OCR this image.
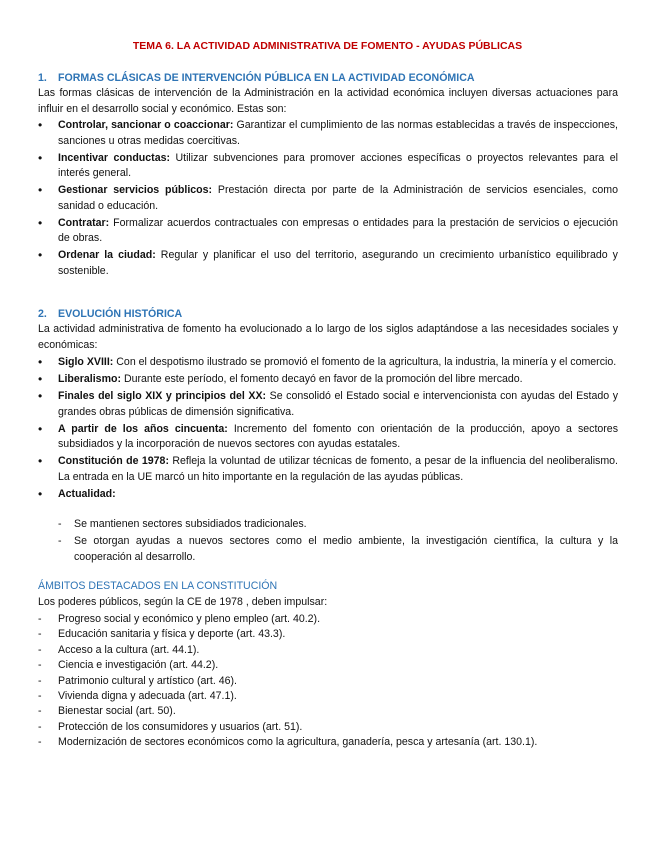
TEMA 6. LA ACTIVIDAD ADMINISTRATIVA DE FOMENTO - AYUDAS PÚBLICAS
1. FORMAS CLÁSICAS DE INTERVENCIÓN PÚBLICA EN LA ACTIVIDAD ECONÓMICA

Las formas clásicas de intervención de la Administración en la actividad económica incluyen diversas actuaciones para influir en el desarrollo social y económico. Estas son:

• Controlar, sancionar o coaccionar: Garantizar el cumplimiento de las normas establecidas a través de inspecciones, sanciones u otras medidas coercitivas.
• Incentivar conductas: Utilizar subvenciones para promover acciones específicas o proyectos relevantes para el interés general.
• Gestionar servicios públicos: Prestación directa por parte de la Administración de servicios esenciales, como sanidad o educación.
• Contratar: Formalizar acuerdos contractuales con empresas o entidades para la prestación de servicios o ejecución de obras.
• Ordenar la ciudad: Regular y planificar el uso del territorio, asegurando un crecimiento urbanístico equilibrado y sostenible.
2. EVOLUCIÓN HISTÓRICA

La actividad administrativa de fomento ha evolucionado a lo largo de los siglos adaptándose a las necesidades sociales y económicas:

• Siglo XVIII: Con el despotismo ilustrado se promovió el fomento de la agricultura, la industria, la minería y el comercio.
• Liberalismo: Durante este período, el fomento decayó en favor de la promoción del libre mercado.
• Finales del siglo XIX y principios del XX: Se consolidó el Estado social e intervencionista con ayudas del Estado y grandes obras públicas de dimensión significativa.
• A partir de los años cincuenta: Incremento del fomento con orientación de la producción, apoyo a sectores subsidiados y la incorporación de nuevos sectores con ayudas estatales.
• Constitución de 1978: Refleja la voluntad de utilizar técnicas de fomento, a pesar de la influencia del neoliberalismo. La entrada en la UE marcó un hito importante en la regulación de las ayudas públicas.
• Actualidad:
- Se mantienen sectores subsidiados tradicionales.
- Se otorgan ayudas a nuevos sectores como el medio ambiente, la investigación científica, la cultura y la cooperación al desarrollo.
ÁMBITOS DESTACADOS EN LA CONSTITUCIÓN

Los poderes públicos, según la CE de 1978 , deben impulsar:

- Progreso social y económico y pleno empleo (art. 40.2).
- Educación sanitaria y física y deporte (art. 43.3).
- Acceso a la cultura (art. 44.1).
- Ciencia e investigación (art. 44.2).
- Patrimonio cultural y artístico (art. 46).
- Vivienda digna y adecuada (art. 47.1).
- Bienestar social (art. 50).
- Protección de los consumidores y usuarios (art. 51).
- Modernización de sectores económicos como la agricultura, ganadería, pesca y artesanía (art. 130.1).
